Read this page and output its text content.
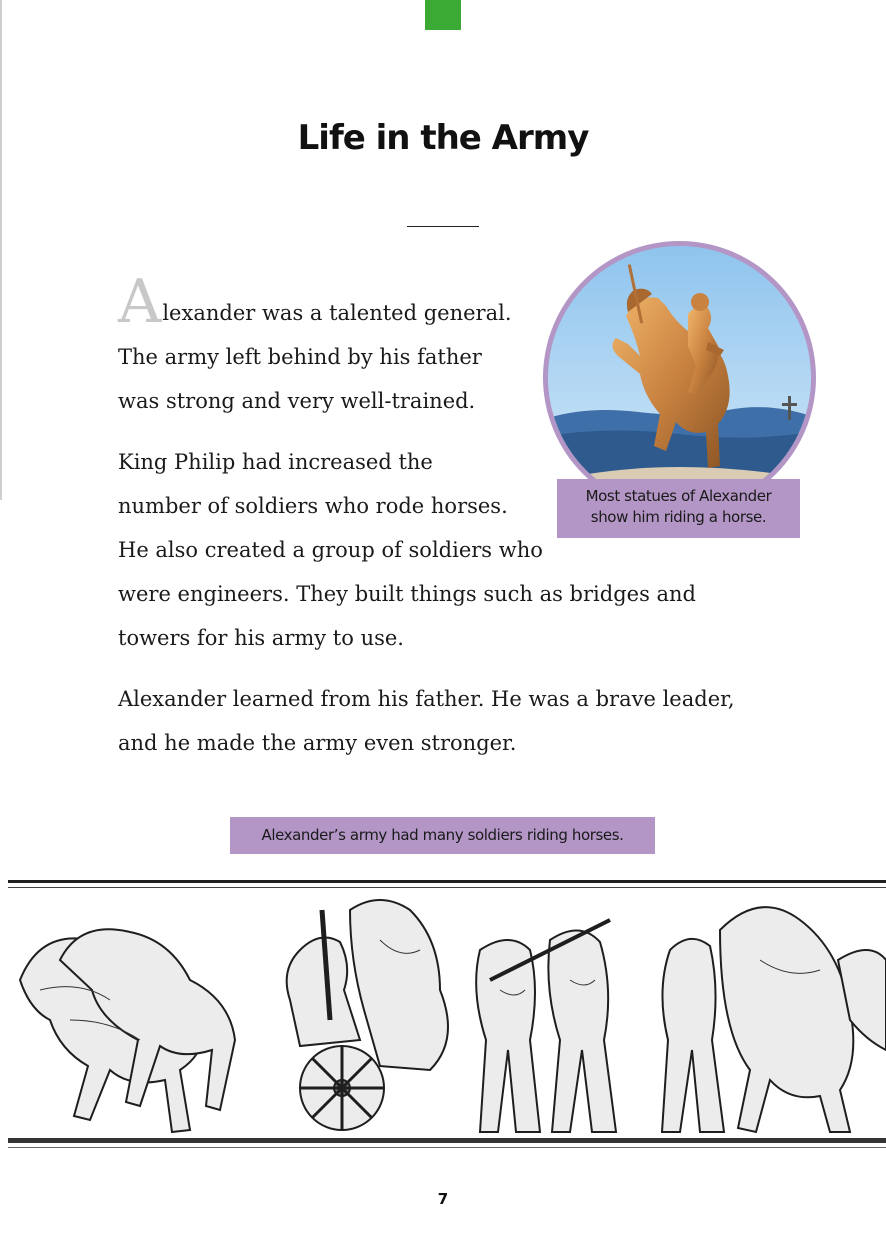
Life in the Army

Alexander was a talented general.
The army left behind by his father
was strong and very well-trained.

King Philip had increased the
number of soldiers who rode horses.
He also created a group of soldiers who
were engineers. They built things such as bridges and
towers for his army to use.

Alexander learned from his father. He was a brave leader,
and he made the army even stronger.

Most statues of Alexander
show him riding a horse.
Alexander’s army had many soldiers riding horses.
7
